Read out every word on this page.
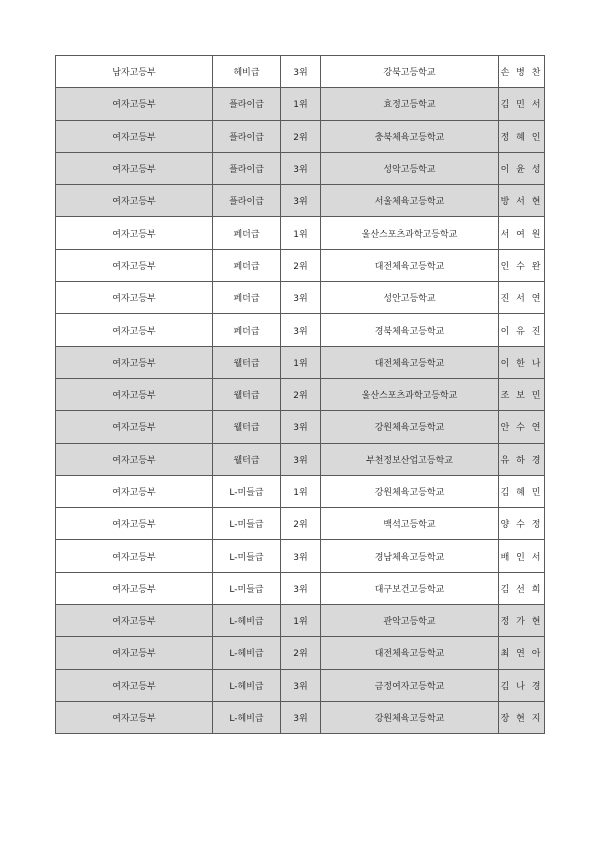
남자고등부	헤비급	3위	강북고등학교	손 병 찬
여자고등부	플라이급	1위	효정고등학교	김 민 서
여자고등부	플라이급	2위	충북체육고등학교	정 혜 인
여자고등부	플라이급	3위	성악고등학교	이 윤 성
여자고등부	플라이급	3위	서울체육고등학교	방 서 현
여자고등부	페더급	1위	울산스포츠과학고등학교	서 여 원
여자고등부	페더급	2위	대전체육고등학교	인 수 완
여자고등부	페더급	3위	성안고등학교	진 서 연
여자고등부	페더급	3위	경북체육고등학교	이 유 진
여자고등부	웰터급	1위	대전체육고등학교	이 한 나
여자고등부	웰터급	2위	울산스포츠과학고등학교	조 보 민
여자고등부	웰터급	3위	강원체육고등학교	안 수 연
여자고등부	웰터급	3위	부천정보산업고등학교	유 하 경
여자고등부	L-미들급	1위	강원체육고등학교	김 혜 민
여자고등부	L-미들급	2위	백석고등학교	양 수 정
여자고등부	L-미들급	3위	경남체육고등학교	배 인 서
여자고등부	L-미들급	3위	대구보건고등학교	김 선 희
여자고등부	L-헤비급	1위	관악고등학교	정 가 현
여자고등부	L-헤비급	2위	대전체육고등학교	최 연 아
여자고등부	L-헤비급	3위	금정여자고등학교	김 나 경
여자고등부	L-헤비급	3위	강원체육고등학교	장 현 지
